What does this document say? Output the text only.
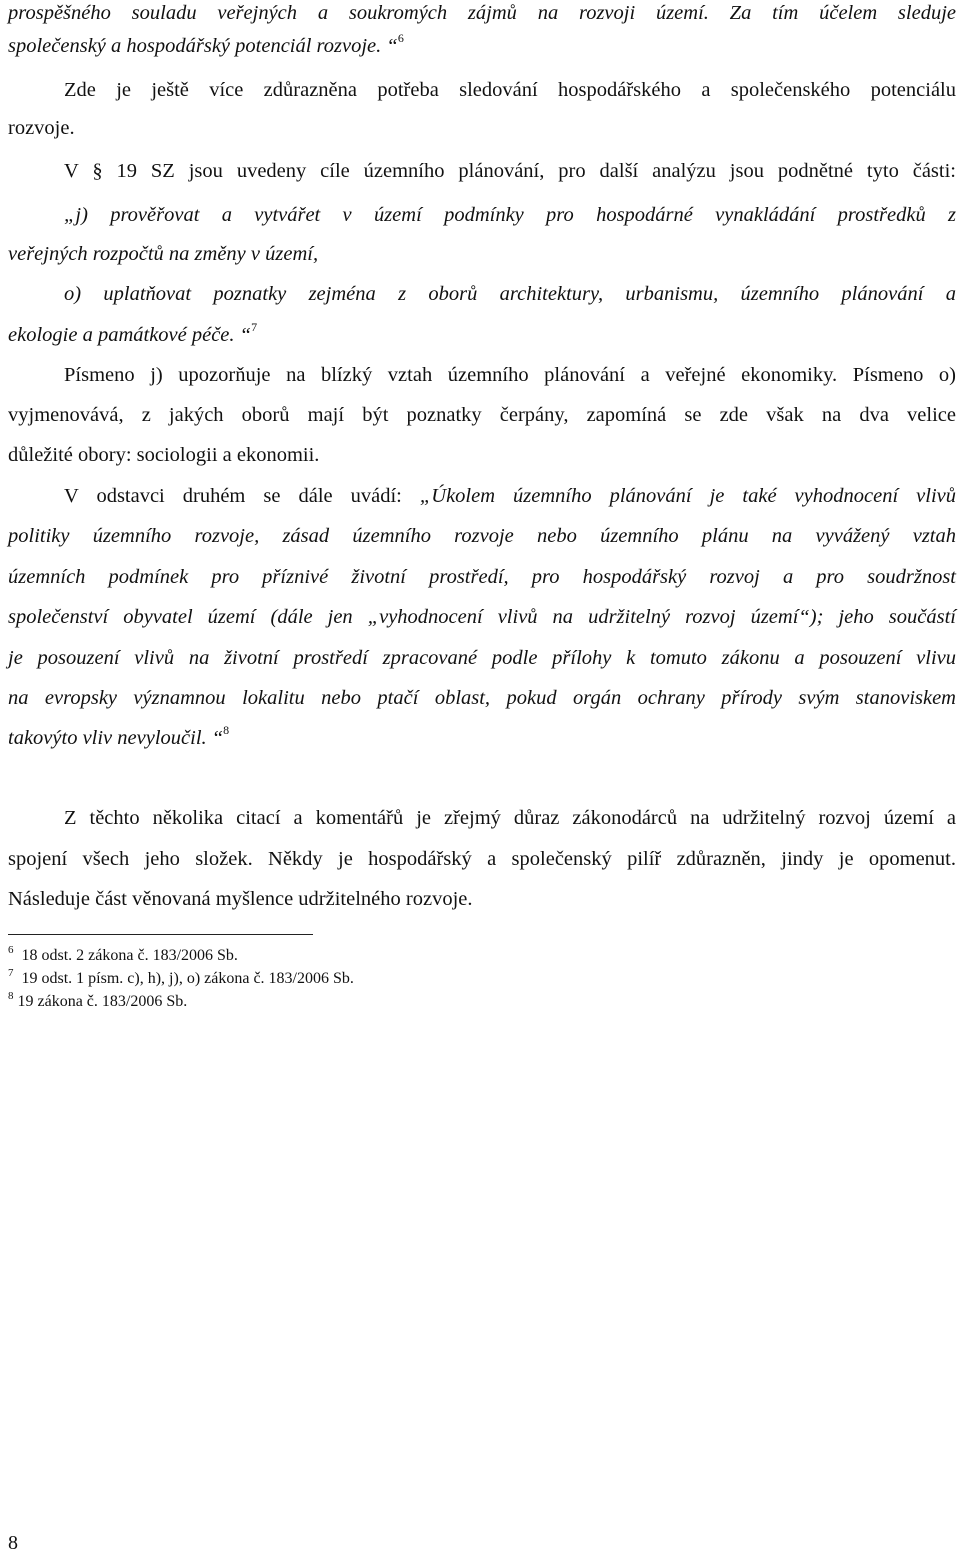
prospěšného souladu veřejných a soukromých zájmů na rozvoji území. Za tím účelem sleduje
společenský a hospodářský potenciál rozvoje. “$^6$
Zde je ještě více zdůrazněna potřeba sledování hospodářského a společenského potenciálu
rozvoje.
V § 19 SZ jsou uvedeny cíle územního plánování, pro další analýzu jsou podnětné tyto části:
„j) prověřovat a vytvářet v území podmínky pro hospodárné vynakládání prostředků z
veřejných rozpočtů na změny v území,
o) uplatňovat poznatky zejména z oborů architektury, urbanismu, územního plánování a
ekologie a památkové péče. “$^7$
Písmeno j) upozorňuje na blízký vztah územního plánování a veřejné ekonomiky. Písmeno o)
vyjmenovává, z jakých oborů mají být poznatky čerpány, zapomíná se zde však na dva velice
důležité obory: sociologii a ekonomii.
V odstavci druhém se dále uvádí: „Úkolem územního plánování je také vyhodnocení vlivů
politiky územního rozvoje, zásad územního rozvoje nebo územního plánu na vyvážený vztah
územních podmínek pro příznivé životní prostředí, pro hospodářský rozvoj a pro soudržnost
společenství obyvatel území (dále jen „vyhodnocení vlivů na udržitelný rozvoj území“); jeho součástí
je posouzení vlivů na životní prostředí zpracované podle přílohy k tomuto zákonu a posouzení vlivu
na evropsky významnou lokalitu nebo ptačí oblast, pokud orgán ochrany přírody svým stanoviskem
takovýto vliv nevyloučil. “$^8$
Z těchto několika citací a komentářů je zřejmý důraz zákonodárců na udržitelný rozvoj území a
spojení všech jeho složek. Někdy je hospodářský a společenský pilíř zdůrazněn, jindy je opomenut.
Následuje část věnovaná myšlence udržitelného rozvoje.
$^6$ 18 odst. 2 zákona č. 183/2006 Sb.
$^7$ 19 odst. 1 písm. c), h), j), o) zákona č. 183/2006 Sb.
$^8$ 19 zákona č. 183/2006 Sb.
8
